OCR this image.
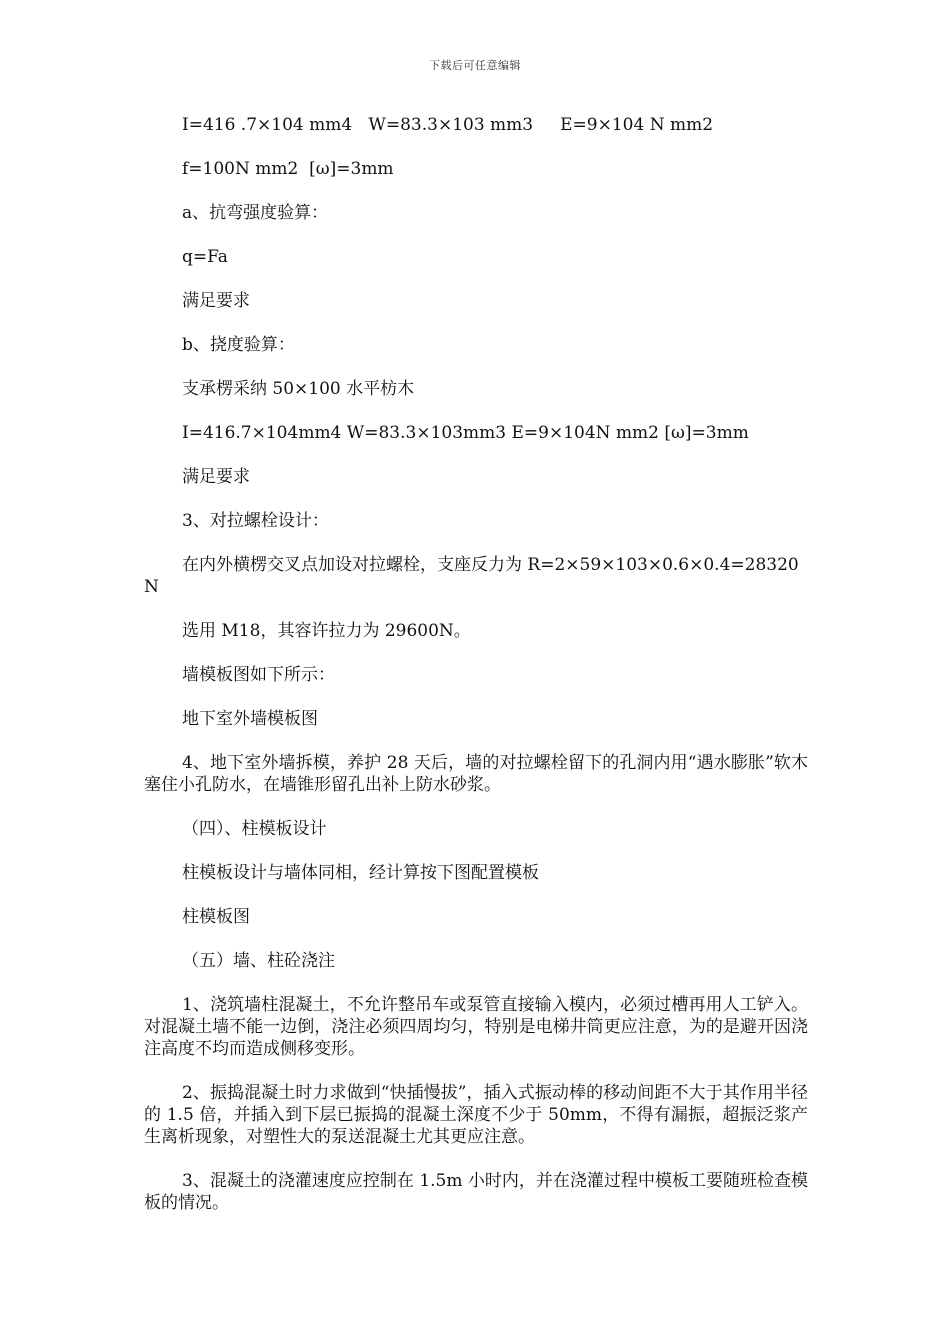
下载后可任意编辑

I=416 .7×104 mm4   W=83.3×103 mm3     E=9×104 N mm2

f=100N mm2  [ω]=3mm

a、抗弯强度验算：

q=Fa

满足要求

b、挠度验算：

支承楞采纳 50×100 水平枋木

I=416.7×104mm4 W=83.3×103mm3 E=9×104N mm2 [ω]=3mm

满足要求

3、对拉螺栓设计：

在内外横楞交叉点加设对拉螺栓，支座反力为 R=2×59×103×0.6×0.4=28320N

选用 M18，其容许拉力为 29600N。

墙模板图如下所示：

地下室外墙模板图

4、地下室外墙拆模，养护 28 天后，墙的对拉螺栓留下的孔洞内用“遇水膨胀”软木塞住小孔防水，在墙锥形留孔出补上防水砂浆。

（四）、柱模板设计

柱模板设计与墙体同相，经计算按下图配置模板

柱模板图

（五）墙、柱砼浇注

1、浇筑墙柱混凝土，不允许整吊车或泵管直接输入模内，必须过槽再用人工铲入。对混凝土墙不能一边倒，浇注必须四周均匀，特别是电梯井筒更应注意，为的是避开因浇注高度不均而造成侧移变形。

2、振捣混凝土时力求做到“快插慢拔”，插入式振动棒的移动间距不大于其作用半径的 1.5 倍，并插入到下层已振捣的混凝土深度不少于 50mm，不得有漏振，超振泛浆产生离析现象，对塑性大的泵送混凝土尤其更应注意。

3、混凝土的浇灌速度应控制在 1.5m 小时内，并在浇灌过程中模板工要随班检查模板的情况。
